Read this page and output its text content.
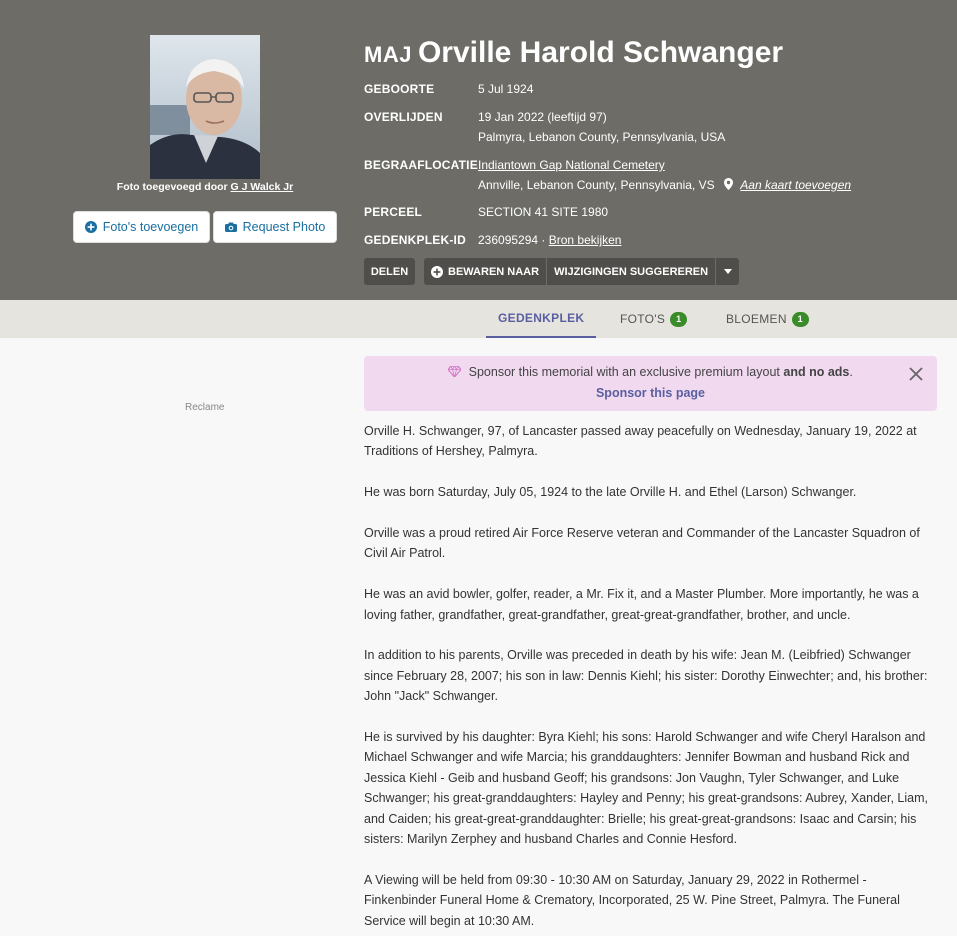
Foto toegevoegd door G J Walck Jr
Foto's toevoegen	Request Photo
MAJ Orville Harold Schwanger
GEBOORTE	5 Jul 1924
OVERLIJDEN	19 Jan 2022 (leeftijd 97)
Palmyra, Lebanon County, Pennsylvania, USA
BEGRAAFLOCATIE Indiantown Gap National Cemetery
Annville, Lebanon County, Pennsylvania, VS Aan kaart toevoegen
PERCEEL	SECTION 41 SITE 1980
GEDENKPLEK-ID 236095294 · Bron bekijken
DELEN	BEWAREN NAAR	WIJZIGINGEN SUGGEREREN
GEDENKPLEK	FOTO'S	1	BLOEMEN	1
Reclame
Sponsor this memorial with an exclusive premium layout and no ads.
Sponsor this page

Orville H. Schwanger, 97, of Lancaster passed away peacefully on Wednesday, January 19, 2022 at Traditions of Hershey, Palmyra.

He was born Saturday, July 05, 1924 to the late Orville H. and Ethel (Larson) Schwanger.

Orville was a proud retired Air Force Reserve veteran and Commander of the Lancaster Squadron of Civil Air Patrol.

He was an avid bowler, golfer, reader, a Mr. Fix it, and a Master Plumber. More importantly, he was a loving father, grandfather, great-grandfather, great-great-grandfather, brother, and uncle.

In addition to his parents, Orville was preceded in death by his wife: Jean M. (Leibfried) Schwanger since February 28, 2007; his son in law: Dennis Kiehl; his sister: Dorothy Einwechter; and, his brother: John "Jack" Schwanger.

He is survived by his daughter: Byra Kiehl; his sons: Harold Schwanger and wife Cheryl Haralson and Michael Schwanger and wife Marcia; his granddaughters: Jennifer Bowman and husband Rick and Jessica Kiehl - Geib and husband Geoff; his grandsons: Jon Vaughn, Tyler Schwanger, and Luke Schwanger; his great-granddaughters: Hayley and Penny; his great-grandsons: Aubrey, Xander, Liam, and Caiden; his great-great-granddaughter: Brielle; his great-great-grandsons: Isaac and Carsin; his sisters: Marilyn Zerphey and husband Charles and Connie Hesford.

A Viewing will be held from 09:30 - 10:30 AM on Saturday, January 29, 2022 in Rothermel - Finkenbinder Funeral Home & Crematory, Incorporated, 25 W. Pine Street, Palmyra. The Funeral Service will begin at 10:30 AM.
